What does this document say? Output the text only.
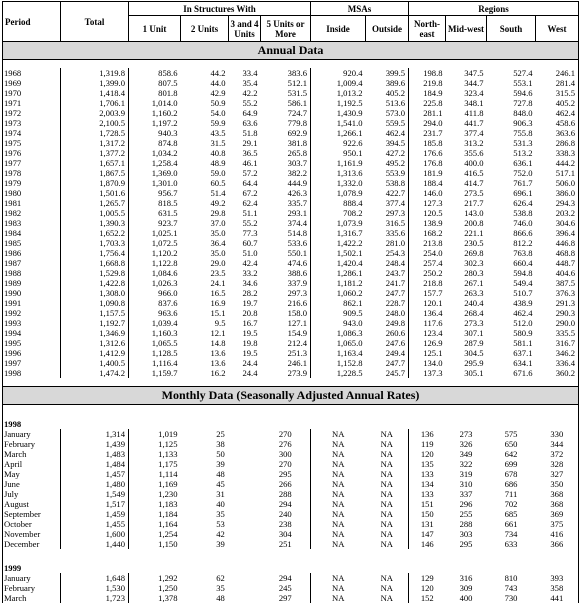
Period	Total	In Structures With				MSAs		Regions			
		1 Unit	2 Units	3 and 4 Units	5 Units or More	Inside	Outside	North-east	Mid-west	South	West
Annual Data											

1968	1,319.8	858.6	44.2	33.4	383.6	920.4	399.5	198.8	347.5	527.4	246.1
1969	1,399.0	807.5	44.0	35.4	512.1	1,009.4	389.6	219.8	344.7	553.1	281.4
1970	1,418.4	801.8	42.9	42.2	531.5	1,013.2	405.2	184.9	323.4	594.6	315.5
1971	1,706.1	1,014.0	50.9	55.2	586.1	1,192.5	513.6	225.8	348.1	727.8	405.2
1972	2,003.9	1,160.2	54.0	64.9	724.7	1,430.9	573.0	281.1	411.8	848.0	462.4
1973	2,100.5	1,197.2	59.9	63.6	779.8	1,541.0	559.5	294.0	441.7	906.3	458.6
1974	1,728.5	940.3	43.5	51.8	692.9	1,266.1	462.4	231.7	377.4	755.8	363.6
1975	1,317.2	874.8	31.5	29.1	381.8	922.6	394.5	185.8	313.2	531.3	286.8
1976	1,377.2	1,034.2	40.8	36.5	265.8	950.1	427.2	176.6	355.6	513.2	338.3
1977	1,657.1	1,258.4	48.9	46.1	303.7	1,161.9	495.2	176.8	400.0	636.1	444.2
1978	1,867.5	1,369.0	59.0	57.2	382.2	1,313.6	553.9	181.9	416.5	752.0	517.1
1979	1,870.9	1,301.0	60.5	64.4	444.9	1,332.0	538.8	188.4	414.7	761.7	506.0
1980	1,501.6	956.7	51.4	67.2	426.3	1,078.9	422.7	146.0	273.5	696.1	386.0
1981	1,265.7	818.5	49.2	62.4	335.7	888.4	377.4	127.3	217.7	626.4	294.3
1982	1,005.5	631.5	29.8	51.1	293.1	708.2	297.3	120.5	143.0	538.8	203.2
1983	1,390.3	923.7	37.0	55.2	374.4	1,073.9	316.5	138.9	200.8	746.0	304.6
1984	1,652.2	1,025.1	35.0	77.3	514.8	1,316.7	335.6	168.2	221.1	866.6	396.4
1985	1,703.3	1,072.5	36.4	60.7	533.6	1,422.2	281.0	213.8	230.5	812.2	446.8
1986	1,756.4	1,120.2	35.0	51.0	550.1	1,502.1	254.3	254.0	269.8	763.8	468.8
1987	1,668.8	1,122.8	29.0	42.4	474.6	1,420.4	248.4	257.4	302.3	660.4	448.7
1988	1,529.8	1,084.6	23.5	33.2	388.6	1,286.1	243.7	250.2	280.3	594.8	404.6
1989	1,422.8	1,026.3	24.1	34.6	337.9	1,181.2	241.7	218.8	267.1	549.4	387.5
1990	1,308.0	966.0	16.5	28.2	297.3	1,060.2	247.7	157.7	263.3	510.7	376.3
1991	1,090.8	837.6	16.9	19.7	216.6	862.1	228.7	120.1	240.4	438.9	291.3
1992	1,157.5	963.6	15.1	20.8	158.0	909.5	248.0	136.4	268.4	462.4	290.3
1993	1,192.7	1,039.4	9.5	16.7	127.1	943.0	249.8	117.6	273.3	512.0	290.0
1994	1,346.9	1,160.3	12.1	19.5	154.9	1,086.3	260.6	123.4	307.1	580.9	335.5
1995	1,312.6	1,065.5	14.8	19.8	212.4	1,065.0	247.6	126.9	287.9	581.1	316.7
1996	1,412.9	1,128.5	13.6	19.5	251.3	1,163.4	249.4	125.1	304.5	637.1	346.2
1997	1,400.5	1,116.4	13.6	24.4	246.1	1,152.8	247.7	134.0	295.9	634.1	336.4
1998	1,474.2	1,159.7	16.2	24.4	273.9	1,228.5	245.7	137.3	305.1	671.6	360.2

Monthly Data (Seasonally Adjusted Annual Rates)											

1998											
January	1,314	1,019	25		270	NA	NA	136	273	575	330
February	1,439	1,125	38		276	NA	NA	119	326	650	344
March	1,483	1,133	50		300	NA	NA	120	349	642	372
April	1,484	1,175	39		270	NA	NA	135	322	699	328
May	1,457	1,114	48		295	NA	NA	133	319	678	327
June	1,480	1,169	45		266	NA	NA	134	310	686	350
July	1,549	1,230	31		288	NA	NA	133	337	711	368
August	1,517	1,183	40		294	NA	NA	151	296	702	368
September	1,459	1,184	35		240	NA	NA	150	255	685	369
October	1,455	1,164	53		238	NA	NA	131	288	661	375
November	1,600	1,254	42		304	NA	NA	147	303	734	416
December	1,440	1,150	39		251	NA	NA	146	295	633	366

1999											
January	1,648	1,292	62		294	NA	NA	129	316	810	393
February	1,530	1,250	35		245	NA	NA	120	309	743	358
March	1,723	1,378	48		297	NA	NA	152	400	730	441
